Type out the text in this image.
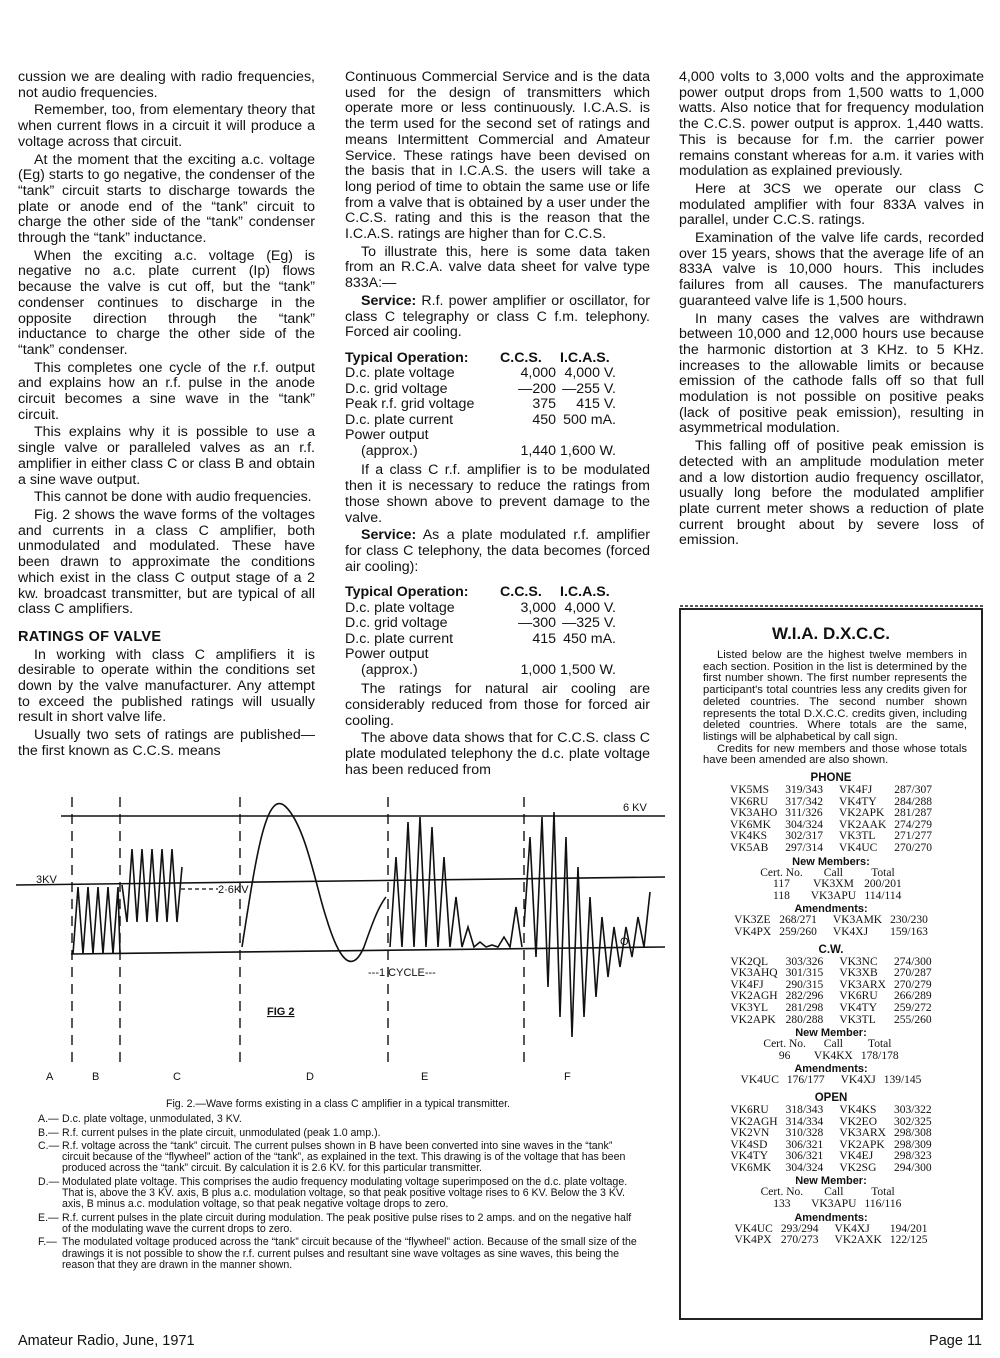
cussion we are dealing with radio frequencies, not audio frequencies.

Remember, too, from elementary theory that when current flows in a circuit it will produce a voltage across that circuit.

At the moment that the exciting a.c. voltage (Eg) starts to go negative, the condenser of the “tank” circuit starts to discharge towards the plate or anode end of the “tank” circuit to charge the other side of the “tank” condenser through the “tank” inductance.

When the exciting a.c. voltage (Eg) is negative no a.c. plate current (Ip) flows because the valve is cut off, but the “tank” condenser continues to discharge in the opposite direction through the “tank” inductance to charge the other side of the “tank” condenser.

This completes one cycle of the r.f. output and explains how an r.f. pulse in the anode circuit becomes a sine wave in the “tank” circuit.

This explains why it is possible to use a single valve or paralleled valves as an r.f. amplifier in either class C or class B and obtain a sine wave output.

This cannot be done with audio frequencies.

Fig. 2 shows the wave forms of the voltages and currents in a class C amplifier, both unmodulated and modulated. These have been drawn to approximate the conditions which exist in the class C output stage of a 2 kw. broadcast transmitter, but are typical of all class C amplifiers.

RATINGS OF VALVE

In working with class C amplifiers it is desirable to operate within the conditions set down by the valve manufacturer. Any attempt to exceed the published ratings will usually result in short valve life.

Usually two sets of ratings are published—the first known as C.C.S. means

Continuous Commercial Service and is the data used for the design of transmitters which operate more or less continuously. I.C.A.S. is the term used for the second set of ratings and means Intermittent Commercial and Amateur Service. These ratings have been devised on the basis that in I.C.A.S. the users will take a long period of time to obtain the same use or life from a valve that is obtained by a user under the C.C.S. rating and this is the reason that the I.C.A.S. ratings are higher than for C.C.S.

To illustrate this, here is some data taken from an R.C.A. valve data sheet for valve type 833A:—

Service: R.f. power amplifier or oscillator, for class C telegraphy or class C f.m. telephony. Forced air cooling.

Typical Operation:	C.C.S.	I.C.A.S.
D.c. plate voltage	4,000	4,000 V.
D.c. grid voltage	—200	—255 V.
Peak r.f. grid voltage	375	415 V.
D.c. plate current	450	500 mA.
Power output		
(approx.)	1,440	1,600 W.

If a class C r.f. amplifier is to be modulated then it is necessary to reduce the ratings from those shown above to prevent damage to the valve.

Service: As a plate modulated r.f. amplifier for class C telephony, the data becomes (forced air cooling):

Typical Operation:	C.C.S.	I.C.A.S.
D.c. plate voltage	3,000	4,000 V.
D.c. grid voltage	—300	—325 V.
D.c. plate current	415	450 mA.
Power output		
(approx.)	1,000	1,500 W.

The ratings for natural air cooling are considerably reduced from those for forced air cooling.

The above data shows that for C.C.S. class C plate modulated telephony the d.c. plate voltage has been reduced from

4,000 volts to 3,000 volts and the approximate power output drops from 1,500 watts to 1,000 watts. Also notice that for frequency modulation the C.C.S. power output is approx. 1,440 watts. This is because for f.m. the carrier power remains constant whereas for a.m. it varies with modulation as explained previously.

Here at 3CS we operate our class C modulated amplifier with four 833A valves in parallel, under C.C.S. ratings.

Examination of the valve life cards, recorded over 15 years, shows that the average life of an 833A valve is 10,000 hours. This includes failures from all causes. The manufacturers guaranteed valve life is 1,500 hours.

In many cases the valves are withdrawn between 10,000 and 12,000 hours use because the harmonic distortion at 3 KHz. to 5 KHz. increases to the allowable limits or because emission of the cathode falls off so that full modulation is not possible on positive peaks (lack of positive peak emission), resulting in asymmetrical modulation.

This falling off of positive peak emission is detected with an amplitude modulation meter and a low distortion audio frequency oscillator, usually long before the modulated amplifier plate current meter shows a reduction of plate current brought about by severe loss of emission.

W.I.A. D.X.C.C.

Listed below are the highest twelve members in each section. Position in the list is determined by the first number shown. The first number represents the participant's total countries less any credits given for deleted countries. The second number shown represents the total D.X.C.C. credits given, including deleted countries. Where totals are the same, listings will be alphabetical by call sign.

Credits for new members and those whose totals have been amended are also shown.

PHONE
VK5MS	319/343	VK4FJ	287/307
VK6RU	317/342	VK4TY	284/288
VK3AHO	311/326	VK2APK	281/287
VK6MK	304/324	VK2AAK	274/279
VK4KS	302/317	VK3TL	271/277
VK5AB	297/314	VK4UC	270/270
New Members:
Cert. No.	Call	Total
117	VK3XM	200/201
118	VK3APU	114/114
Amendments:
VK3ZE	268/271	VK3AMK	230/230
VK4PX	259/260	VK4XJ	159/163
C.W.
VK2QL	303/326	VK3NC	274/300
VK3AHQ	301/315	VK3XB	270/287
VK4FJ	290/315	VK3ARX	270/279
VK2AGH	282/296	VK6RU	266/289
VK3YL	281/298	VK4TY	259/272
VK2APK	280/288	VK3TL	255/260
New Member:
Cert. No.	Call	Total
96	VK4KX	178/178
Amendments:
VK4UC	176/177	VK4XJ	139/145
OPEN
VK6RU	318/343	VK4KS	303/322
VK2AGH	314/334	VK2EO	302/325
VK2VN	310/328	VK3ARX	298/308
VK4SD	306/321	VK2APK	298/309
VK4TY	306/321	VK4EJ	298/323
VK6MK	304/324	VK2SG	294/300
New Member:
Cert. No.	Call	Total
133	VK3APU	116/116
Amendments:
VK4UC	293/294	VK4XJ	194/201
VK4PX	270/273	VK2AXK	122/125
6 KV
3KV
2·6KV
O
---1 CYCLE---
FIG 2
A	B	C	D	E	F
Fig. 2.—Wave forms existing in a class C amplifier in a typical transmitter.
A.— D.c. plate voltage, unmodulated, 3 KV.
B.— R.f. current pulses in the plate circuit, unmodulated (peak 1.0 amp.).
C.— R.f. voltage across the “tank” circuit. The current pulses shown in B have been converted into sine waves in the “tank” circuit because of the “flywheel” action of the “tank”, as explained in the text. This drawing is of the voltage that has been produced across the “tank” circuit. By calculation it is 2.6 KV. for this particular transmitter.
D.— Modulated plate voltage. This comprises the audio frequency modulating voltage superimposed on the d.c. plate voltage. That is, above the 3 KV. axis, B plus a.c. modulation voltage, so that peak positive voltage rises to 6 KV. Below the 3 KV. axis, B minus a.c. modulation voltage, so that peak negative voltage drops to zero.
E.— R.f. current pulses in the plate circuit during modulation. The peak positive pulse rises to 2 amps. and on the negative half of the modulating wave the current drops to zero.
F.— The modulated voltage produced across the “tank” circuit because of the “flywheel” action. Because of the small size of the drawings it is not possible to show the r.f. current pulses and resultant sine wave voltages as sine waves, this being the reason that they are drawn in the manner shown.
Amateur Radio, June, 1971	Page 11
